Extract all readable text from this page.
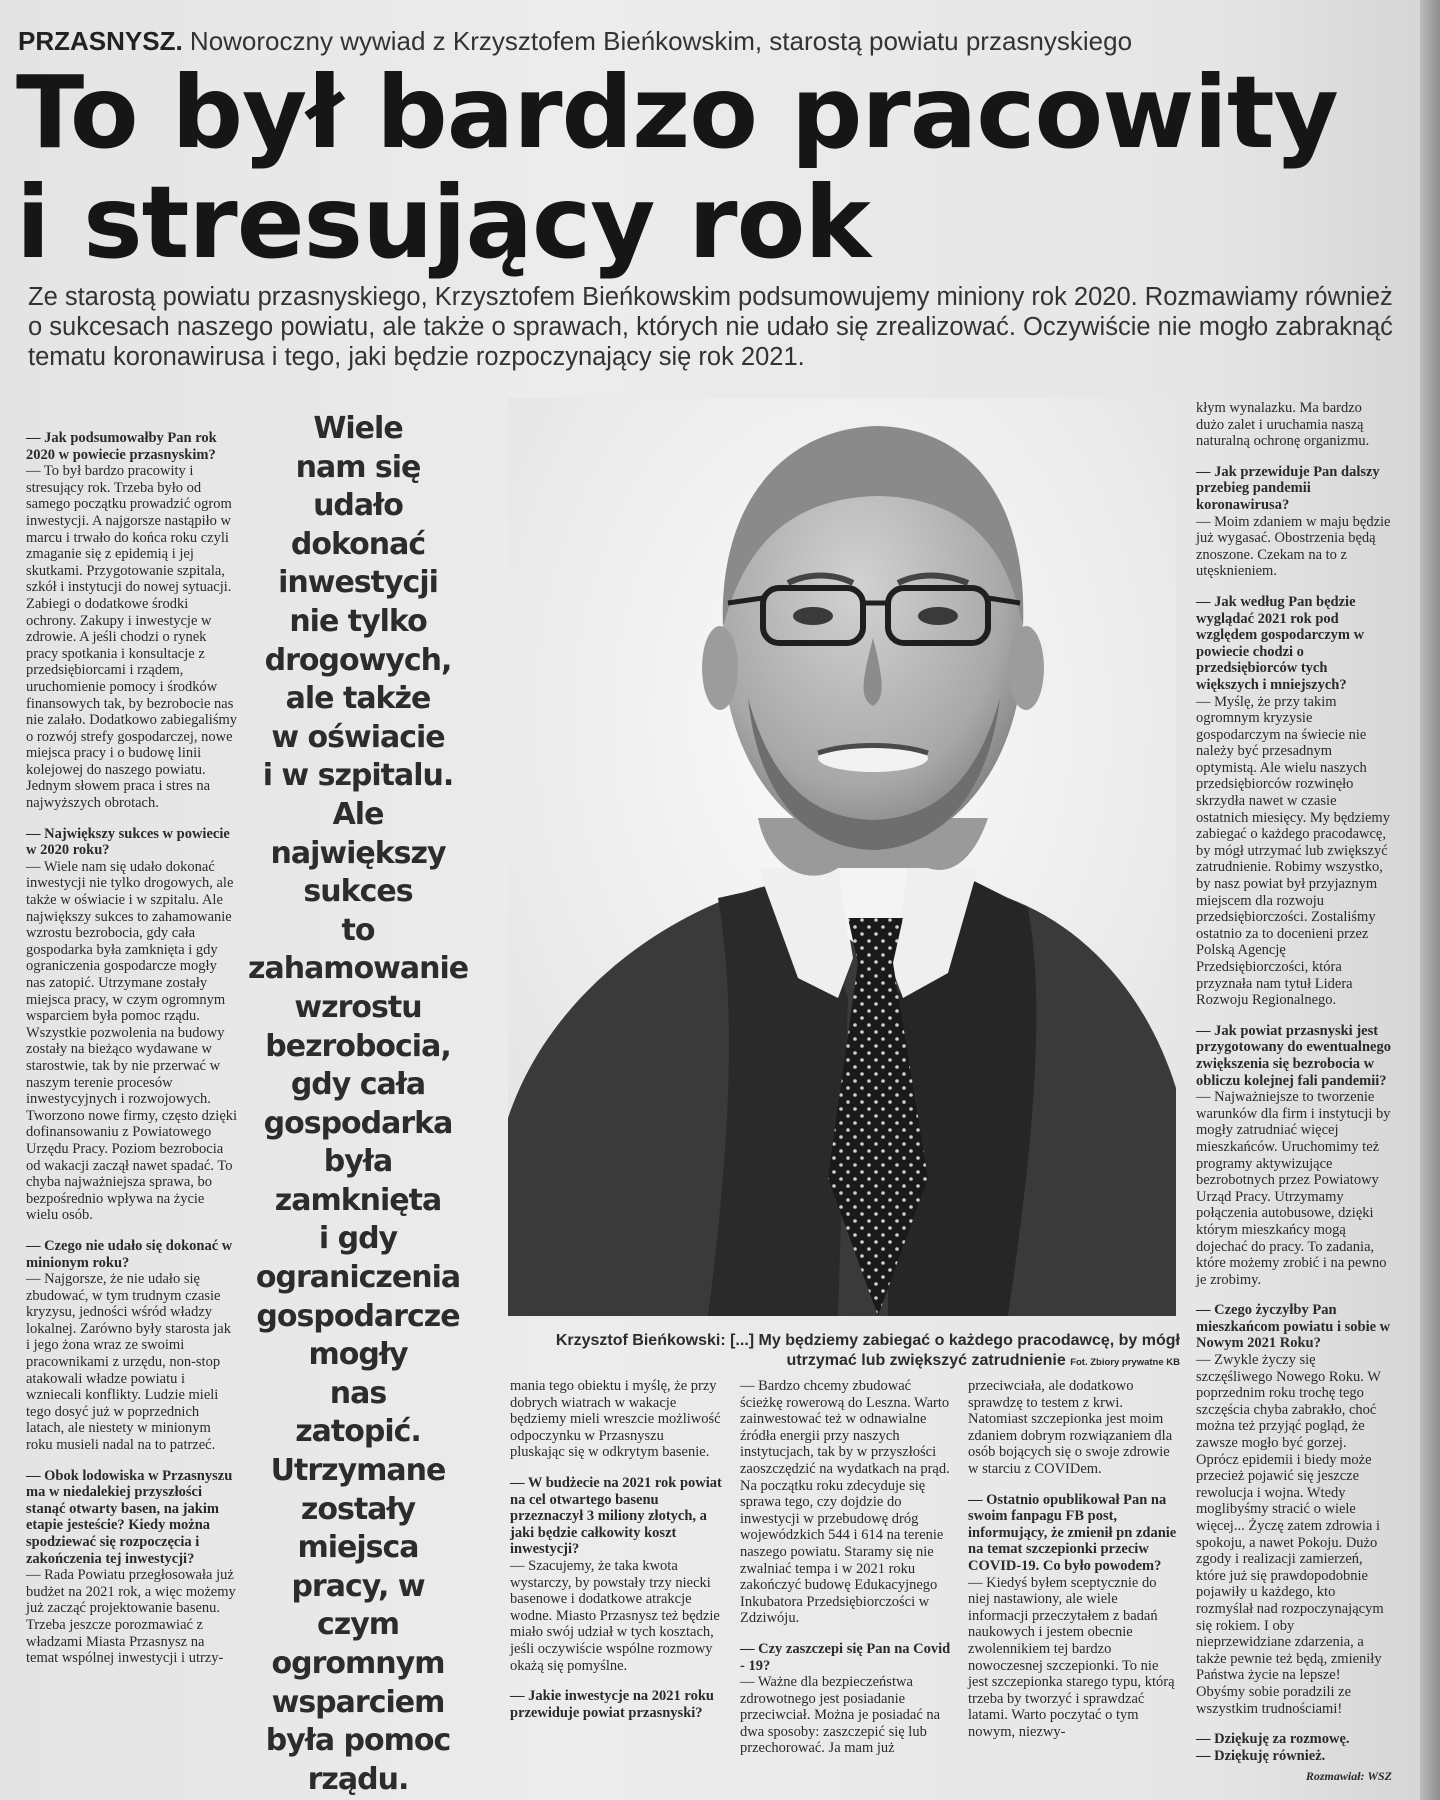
PRZASNYSZ. Noworoczny wywiad z Krzysztofem Bieńkowskim, starostą powiatu przasnyskiego
To był bardzo pracowity
i stresujący rok

Ze starostą powiatu przasnyskiego, Krzysztofem Bieńkowskim podsumowujemy miniony rok 2020. Rozmawiamy również o sukcesach naszego powiatu, ale także o sprawach, których nie udało się zrealizować. Oczywiście nie mogło zabraknąć tematu koronawirusa i tego, jaki będzie rozpoczynający się rok 2021.

— Jak podsumowałby Pan rok 2020 w powiecie przasnyskim?

— To był bardzo pracowity i stresujący rok. Trzeba było od samego początku prowadzić ogrom inwestycji. A najgorsze nastąpiło w marcu i trwało do końca roku czyli zmaganie się z epidemią i jej skutkami. Przygotowanie szpitala, szkół i instytucji do nowej sytuacji. Zabiegi o dodatkowe środki ochrony. Zakupy i inwestycje w zdrowie. A jeśli chodzi o rynek pracy spotkania i konsultacje z przedsiębiorcami i rządem, uruchomienie pomocy i środków finansowych tak, by bezrobocie nas nie zalało. Dodatkowo zabiegaliśmy o rozwój strefy gospodarczej, nowe miejsca pracy i o budowę linii kolejowej do naszego powiatu. Jednym słowem praca i stres na najwyższych obrotach.

— Największy sukces w powiecie w 2020 roku?

— Wiele nam się udało dokonać inwestycji nie tylko drogowych, ale także w oświacie i w szpitalu. Ale największy sukces to zahamowanie wzrostu bezrobocia, gdy cała gospodarka była zamknięta i gdy ograniczenia gospodarcze mogły nas zatopić. Utrzymane zostały miejsca pracy, w czym ogromnym wsparciem była pomoc rządu. Wszystkie pozwolenia na budowy zostały na bieżąco wydawane w starostwie, tak by nie przerwać w naszym terenie procesów inwestycyjnych i rozwojowych. Tworzono nowe firmy, często dzięki dofinansowaniu z Powiatowego Urzędu Pracy. Poziom bezrobocia od wakacji zaczął nawet spadać. To chyba najważniejsza sprawa, bo bezpośrednio wpływa na życie wielu osób.

— Czego nie udało się dokonać w minionym roku?

— Najgorsze, że nie udało się zbudować, w tym trudnym czasie kryzysu, jedności wśród władzy lokalnej. Zarówno były starosta jak i jego żona wraz ze swoimi pracownikami z urzędu, non-stop atakowali władze powiatu i wzniecali konflikty. Ludzie mieli tego dosyć już w poprzednich latach, ale niestety w minionym roku musieli nadal na to patrzeć.

— Obok lodowiska w Przasnyszu ma w niedalekiej przyszłości stanąć otwarty basen, na jakim etapie jesteście? Kiedy można spodziewać się rozpoczęcia i zakończenia tej inwestycji?

— Rada Powiatu przegłosowała już budżet na 2021 rok, a więc możemy już zacząć projektowanie basenu. Trzeba jeszcze porozmawiać z władzami Miasta Przasnysz na temat wspólnej inwestycji i utrzy-

Wiele
nam się
udało
dokonać
inwestycji
nie tylko
drogowych,
ale także
w oświacie
i w szpitalu.
Ale
największy
sukces
to
zahamowanie
wzrostu
bezrobocia,
gdy cała
gospodarka
była
zamknięta
i gdy
ograniczenia
gospodarcze
mogły
nas
zatopić.
Utrzymane
zostały
miejsca
pracy, w czym
ogromnym
wsparciem
była pomoc
rządu.
Krzysztof Bieńkowski: [...] My będziemy zabiegać o każdego pracodawcę, by mógł utrzymać lub zwiększyć zatrudnienie Fot. Zbiory prywatne KB

mania tego obiektu i myślę, że przy dobrych wiatrach w wakacje będziemy mieli wreszcie możliwość odpoczynku w Przasnyszu pluskając się w odkrytym basenie.

— W budżecie na 2021 rok powiat na cel otwartego basenu przeznaczył 3 miliony złotych, a jaki będzie całkowity koszt inwestycji?

— Szacujemy, że taka kwota wystarczy, by powstały trzy niecki basenowe i dodatkowe atrakcje wodne. Miasto Przasnysz też będzie miało swój udział w tych kosztach, jeśli oczywiście wspólne rozmowy okażą się pomyślne.

— Jakie inwestycje na 2021 roku przewiduje powiat przasnyski?

— Bardzo chcemy zbudować ścieżkę rowerową do Leszna. Warto zainwestować też w odnawialne źródła energii przy naszych instytucjach, tak by w przyszłości zaoszczędzić na wydatkach na prąd. Na początku roku zdecyduje się sprawa tego, czy dojdzie do inwestycji w przebudowę dróg wojewódzkich 544 i 614 na terenie naszego powiatu. Staramy się nie zwalniać tempa i w 2021 roku zakończyć budowę Edukacyjnego Inkubatora Przedsiębiorczości w Zdziwóju.

— Czy zaszczepi się Pan na Covid - 19?

— Ważne dla bezpieczeństwa zdrowotnego jest posiadanie przeciwciał. Można je posiadać na dwa sposoby: zaszczepić się lub przechorować. Ja mam już

przeciwciała, ale dodatkowo sprawdzę to testem z krwi. Natomiast szczepionka jest moim zdaniem dobrym rozwiązaniem dla osób bojących się o swoje zdrowie w starciu z COVIDem.

— Ostatnio opublikował Pan na swoim fanpagu FB post, informujący, że zmienił pn zdanie na temat szczepionki przeciw COVID-19. Co było powodem?

— Kiedyś byłem sceptycznie do niej nastawiony, ale wiele informacji przeczytałem z badań naukowych i jestem obecnie zwolennikiem tej bardzo nowoczesnej szczepionki. To nie jest szczepionka starego typu, którą trzeba by tworzyć i sprawdzać latami. Warto poczytać o tym nowym, niezwy-

kłym wynalazku. Ma bardzo dużo zalet i uruchamia naszą naturalną ochronę organizmu.

— Jak przewiduje Pan dalszy przebieg pandemii koronawirusa?

— Moim zdaniem w maju będzie już wygasać. Obostrzenia będą znoszone. Czekam na to z utęsknieniem.

— Jak według Pan będzie wyglądać 2021 rok pod względem gospodarczym w powiecie chodzi o przedsiębiorców tych większych i mniejszych?

— Myślę, że przy takim ogromnym kryzysie gospodarczym na świecie nie należy być przesadnym optymistą. Ale wielu naszych przedsiębiorców rozwinęło skrzydła nawet w czasie ostatnich miesięcy. My będziemy zabiegać o każdego pracodawcę, by mógł utrzymać lub zwiększyć zatrudnienie. Robimy wszystko, by nasz powiat był przyjaznym miejscem dla rozwoju przedsiębiorczości. Zostaliśmy ostatnio za to docenieni przez Polską Agencję Przedsiębiorczości, która przyznała nam tytuł Lidera Rozwoju Regionalnego.

— Jak powiat przasnyski jest przygotowany do ewentualnego zwiększenia się bezrobocia w obliczu kolejnej fali pandemii?

— Najważniejsze to tworzenie warunków dla firm i instytucji by mogły zatrudniać więcej mieszkańców. Uruchomimy też programy aktywizujące bezrobotnych przez Powiatowy Urząd Pracy. Utrzymamy połączenia autobusowe, dzięki którym mieszkańcy mogą dojechać do pracy. To zadania, które możemy zrobić i na pewno je zrobimy.

— Czego życzyłby Pan mieszkańcom powiatu i sobie w Nowym 2021 Roku?

— Zwykle życzy się szczęśliwego Nowego Roku. W poprzednim roku trochę tego szczęścia chyba zabrakło, choć można też przyjąć pogląd, że zawsze mogło być gorzej. Oprócz epidemii i biedy może przecież pojawić się jeszcze rewolucja i wojna. Wtedy moglibyśmy stracić o wiele więcej... Życzę zatem zdrowia i spokoju, a nawet Pokoju. Dużo zgody i realizacji zamierzeń, które już się prawdopodobnie pojawiły u każdego, kto rozmyślał nad rozpoczynającym się rokiem. I oby nieprzewidziane zdarzenia, a także pewnie też będą, zmieniły Państwa życie na lepsze! Obyśmy sobie poradzili ze wszystkim trudnościami!

— Dziękuję za rozmowę.

— Dziękuję również.

Rozmawiał: WSZ
